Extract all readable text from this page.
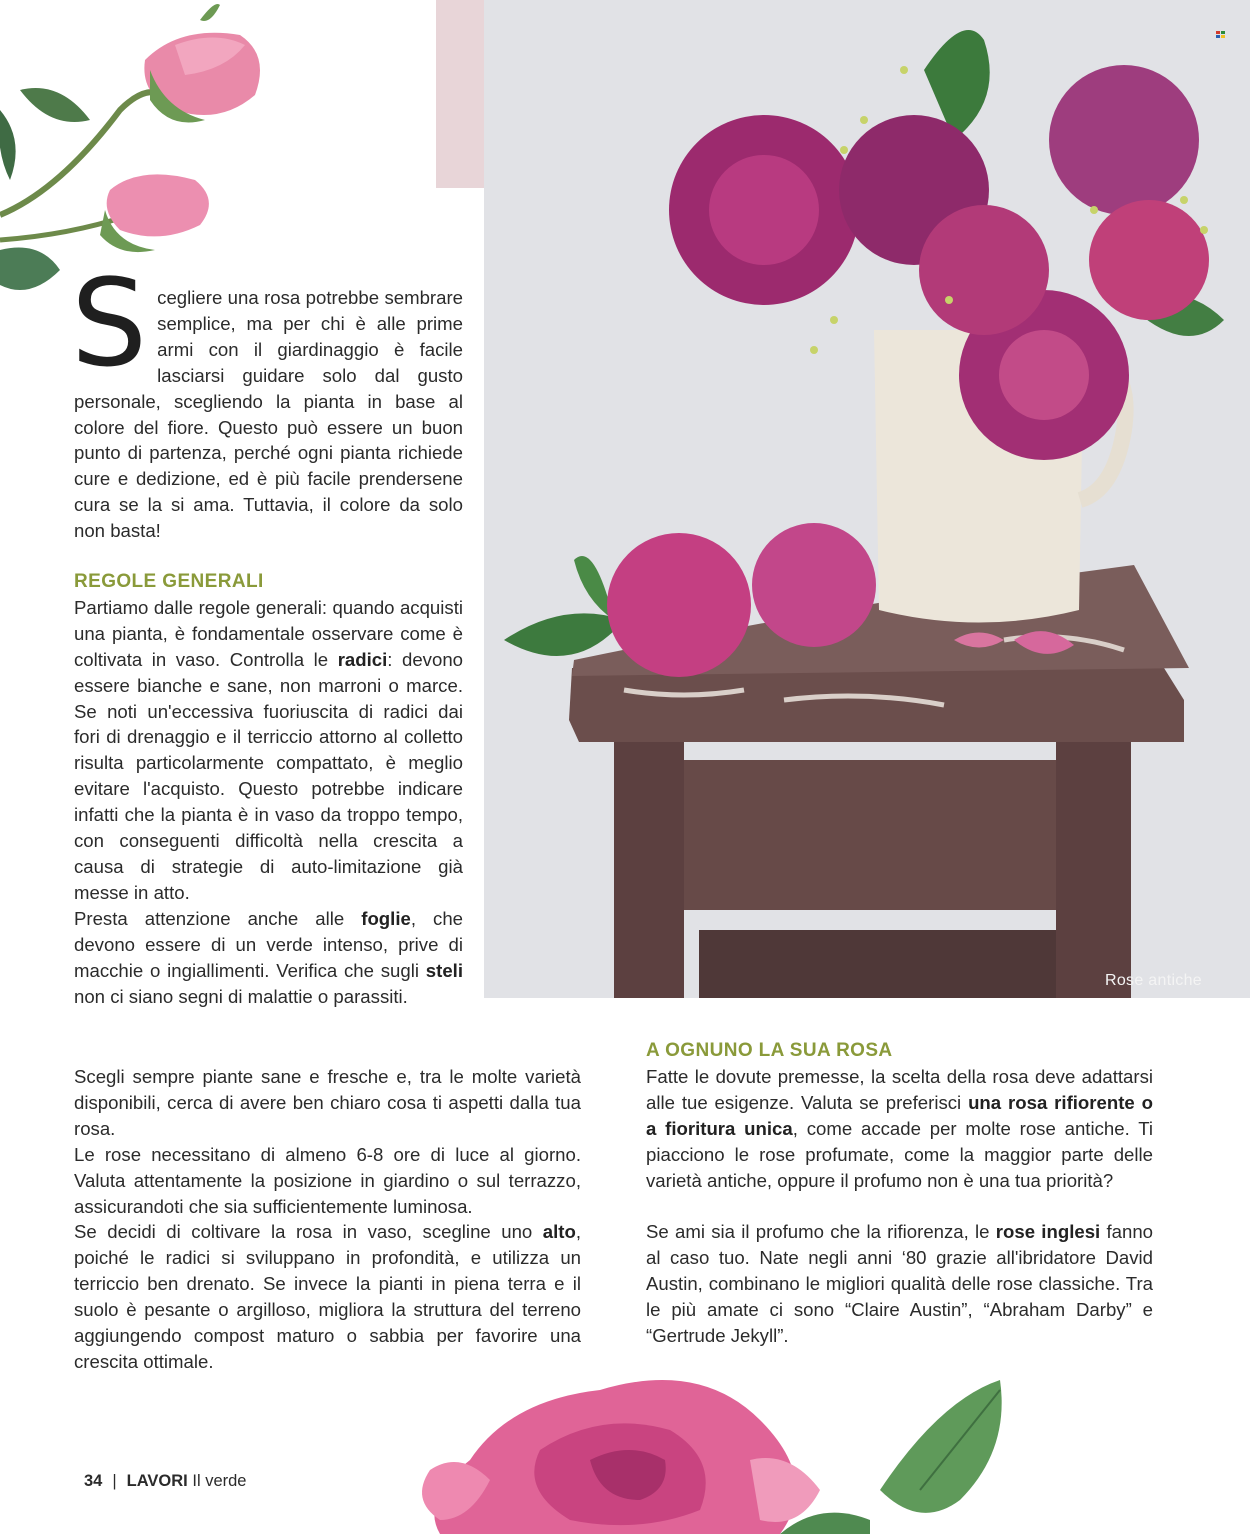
Rose antiche

Scegliere una rosa potrebbe sembrare semplice, ma per chi è alle prime armi con il giardinaggio è facile lasciarsi guidare solo dal gusto personale, scegliendo la pianta in base al colore del fiore. Questo può essere un buon punto di partenza, perché ogni pianta richiede cure e dedizione, ed è più facile prendersene cura se la si ama. Tuttavia, il colore da solo non basta!

REGOLE GENERALI

Partiamo dalle regole generali: quando acquisti una pianta, è fondamentale osservare come è coltivata in vaso. Controlla le radici: devono essere bianche e sane, non marroni o marce. Se noti un'eccessiva fuoriuscita di radici dai fori di drenaggio e il terriccio attorno al colletto risulta particolarmente compattato, è meglio evitare l'acquisto. Questo potrebbe indicare infatti che la pianta è in vaso da troppo tempo, con conseguenti difficoltà nella crescita a causa di strategie di auto-limitazione già messe in atto.

Presta attenzione anche alle foglie, che devono essere di un verde intenso, prive di macchie o ingiallimenti. Verifica che sugli steli non ci siano segni di malattie o parassiti.

Scegli sempre piante sane e fresche e, tra le molte varietà disponibili, cerca di avere ben chiaro cosa ti aspetti dalla tua rosa.

Le rose necessitano di almeno 6-8 ore di luce al giorno. Valuta attentamente la posizione in giardino o sul terrazzo, assicurandoti che sia sufficientemente luminosa.

Se decidi di coltivare la rosa in vaso, scegline uno alto, poiché le radici si sviluppano in profondità, e utilizza un terriccio ben drenato. Se invece la pianti in piena terra e il suolo è pesante o argilloso, migliora la struttura del terreno aggiungendo compost maturo o sabbia per favorire una crescita ottimale.

A OGNUNO LA SUA ROSA

Fatte le dovute premesse, la scelta della rosa deve adattarsi alle tue esigenze. Valuta se preferisci una rosa rifiorente o a fioritura unica, come accade per molte rose antiche. Ti piacciono le rose profumate, come la maggior parte delle varietà antiche, oppure il profumo non è una tua priorità?

Se ami sia il profumo che la rifiorenza, le rose inglesi fanno al caso tuo. Nate negli anni ‘80 grazie all'ibridatore David Austin, combinano le migliori qualità delle rose classiche. Tra le più amate ci sono “Claire Austin”, “Abraham Darby” e “Gertrude Jekyll”.

34 | LAVORI Il verde
